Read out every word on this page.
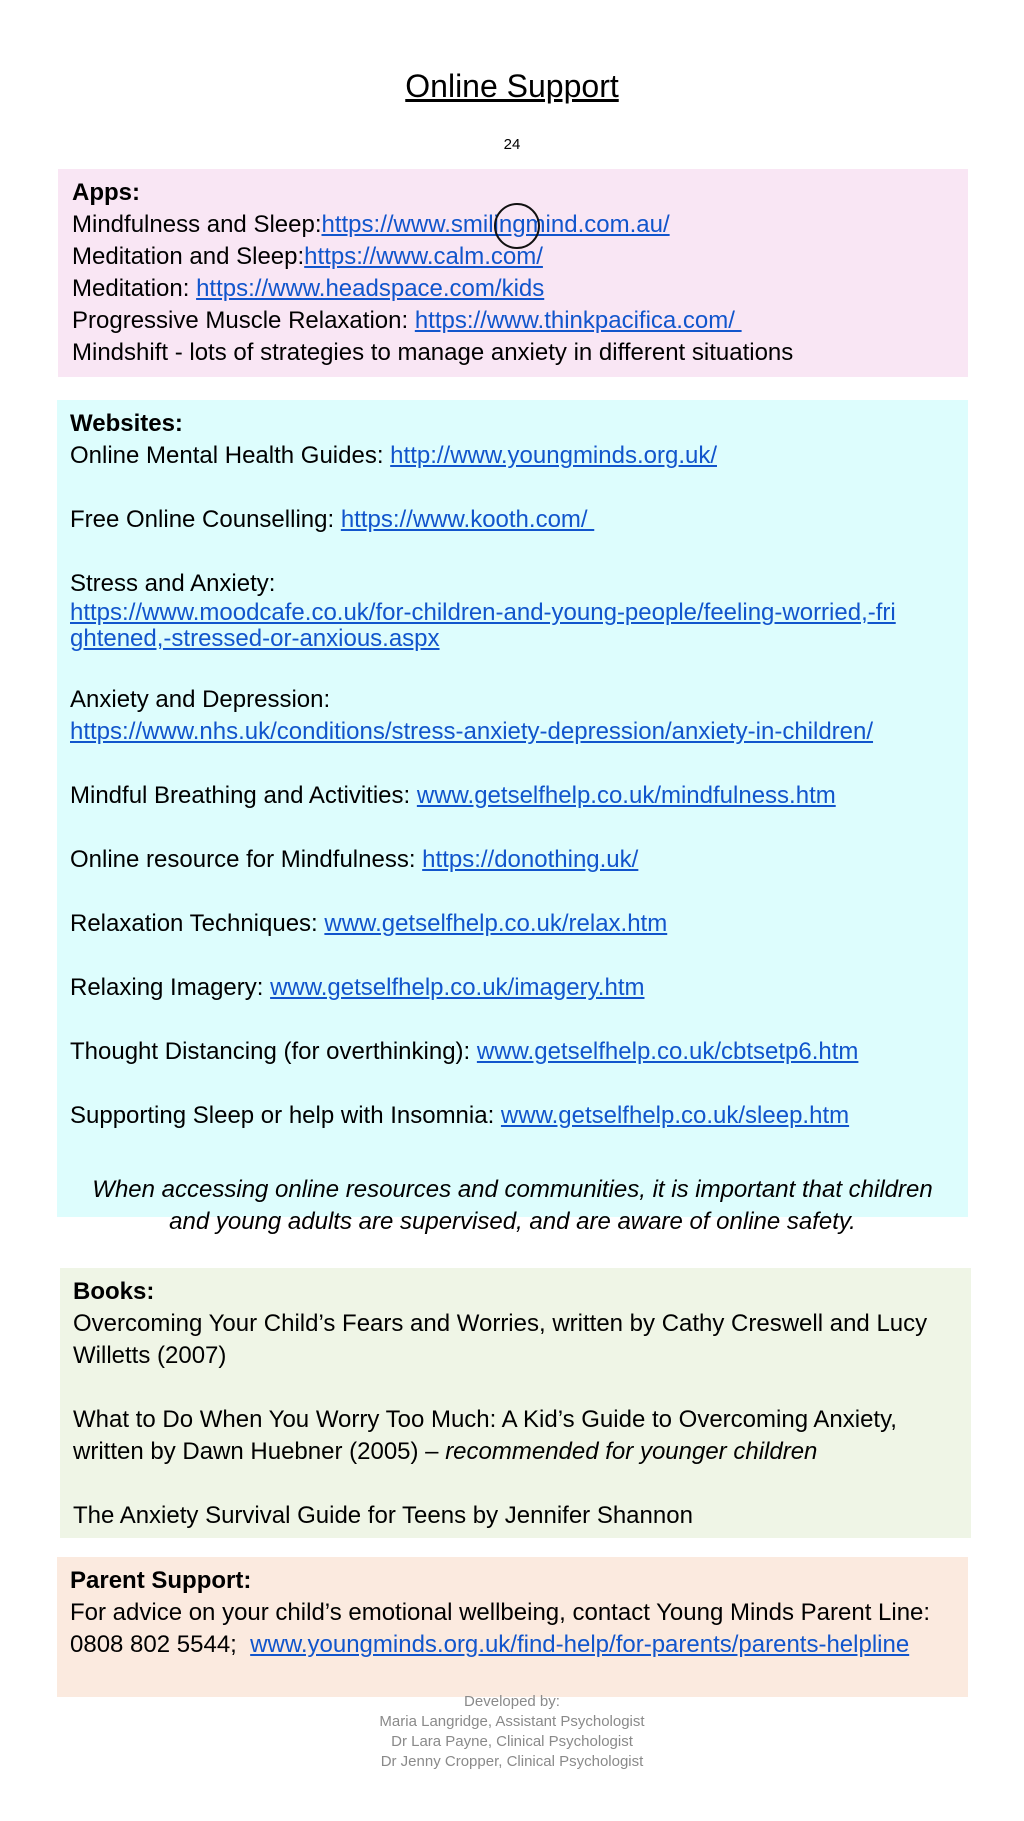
Online Support
24
Apps:
Mindfulness and Sleep:https://www.smilingmind.com.au/
Meditation and Sleep:https://www.calm.com/
Meditation: https://www.headspace.com/kids
Progressive Muscle Relaxation: https://www.thinkpacifica.com/
Mindshift - lots of strategies to manage anxiety in different situations
Websites:
Online Mental Health Guides: http://www.youngminds.org.uk/
Free Online Counselling: https://www.kooth.com/
Stress and Anxiety:
https://www.moodcafe.co.uk/for-children-and-young-people/feeling-worried,-fri
ghtened,-stressed-or-anxious.aspx
Anxiety and Depression:
https://www.nhs.uk/conditions/stress-anxiety-depression/anxiety-in-children/
Mindful Breathing and Activities: www.getselfhelp.co.uk/mindfulness.htm
Online resource for Mindfulness: https://donothing.uk/
Relaxation Techniques: www.getselfhelp.co.uk/relax.htm
Relaxing Imagery: www.getselfhelp.co.uk/imagery.htm
Thought Distancing (for overthinking): www.getselfhelp.co.uk/cbtsetp6.htm
Supporting Sleep or help with Insomnia: www.getselfhelp.co.uk/sleep.htm
When accessing online resources and communities, it is important that children
and young adults are supervised, and are aware of online safety.
Books:
Overcoming Your Child’s Fears and Worries, written by Cathy Creswell and Lucy
Willetts (2007)
What to Do When You Worry Too Much: A Kid’s Guide to Overcoming Anxiety,
written by Dawn Huebner (2005) – recommended for younger children
The Anxiety Survival Guide for Teens by Jennifer Shannon
Parent Support:
For advice on your child’s emotional wellbeing, contact Young Minds Parent Line:
0808 802 5544;  www.youngminds.org.uk/find-help/for-parents/parents-helpline
Developed by:
Maria Langridge, Assistant Psychologist
Dr Lara Payne, Clinical Psychologist
Dr Jenny Cropper, Clinical Psychologist
